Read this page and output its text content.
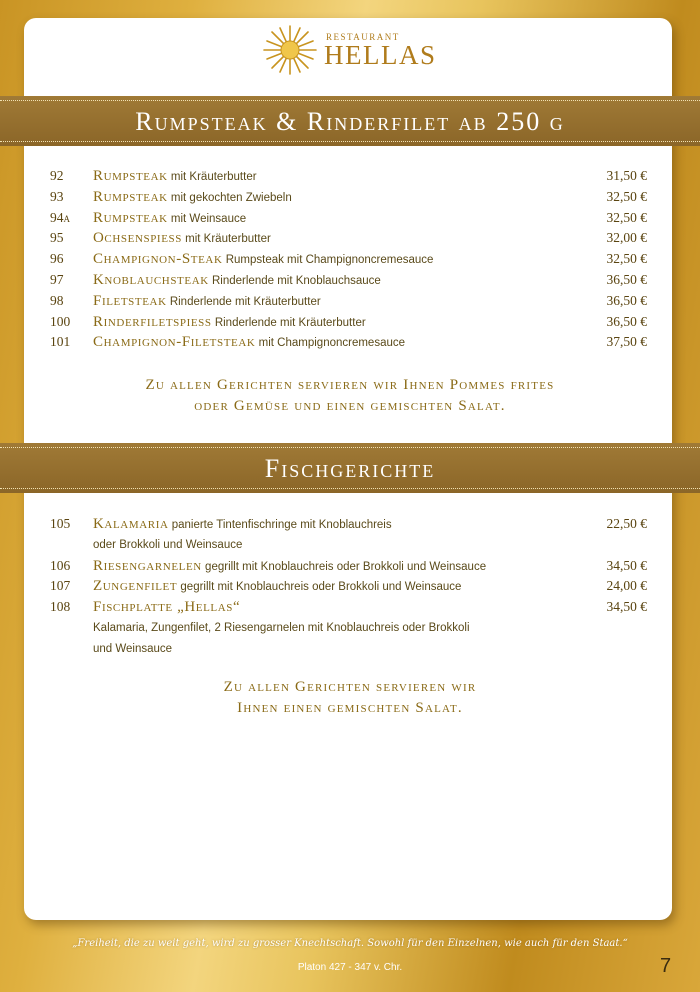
RESTAURANT
HELLAS
Rumpsteak & Rinderfilet ab 250 g
92 Rumpsteak mit Kräuterbutter	31,50 €
93 Rumpsteak mit gekochten Zwiebeln	32,50 €
94a Rumpsteak mit Weinsauce	32,50 €
95 Ochsenspiess mit Kräuterbutter	32,00 €
96 Champignon-Steak Rumpsteak mit Champignoncremesauce	32,50 €
97 Knoblauchsteak Rinderlende mit Knoblauchsauce	36,50 €
98 Filetsteak Rinderlende mit Kräuterbutter	36,50 €
100 Rinderfiletspiess Rinderlende mit Kräuterbutter	36,50 €
101 Champignon-Filetsteak mit Champignoncremesauce	37,50 €
Zu allen Gerichten servieren wir Ihnen Pommes frites
oder Gemüse und einen gemischten Salat.
Fischgerichte
105 Kalamaria panierte Tintenfischringe mit Knoblauchreis	22,50 €
oder Brokkoli und Weinsauce
106 Riesengarnelen gegrillt mit Knoblauchreis oder Brokkoli und Weinsauce	34,50 €
107 Zungenfilet gegrillt mit Knoblauchreis oder Brokkoli und Weinsauce	24,00 €
108 Fischplatte „Hellas“	34,50 €
Kalamaria, Zungenfilet, 2 Riesengarnelen mit Knoblauchreis oder Brokkoli
und Weinsauce
Zu allen Gerichten servieren wir
Ihnen einen gemischten Salat.
„Freiheit, die zu weit geht, wird zu grosser Knechtschaft. Sowohl für den Einzelnen, wie auch für den Staat.“
Platon 427 - 347 v. Chr.	7
